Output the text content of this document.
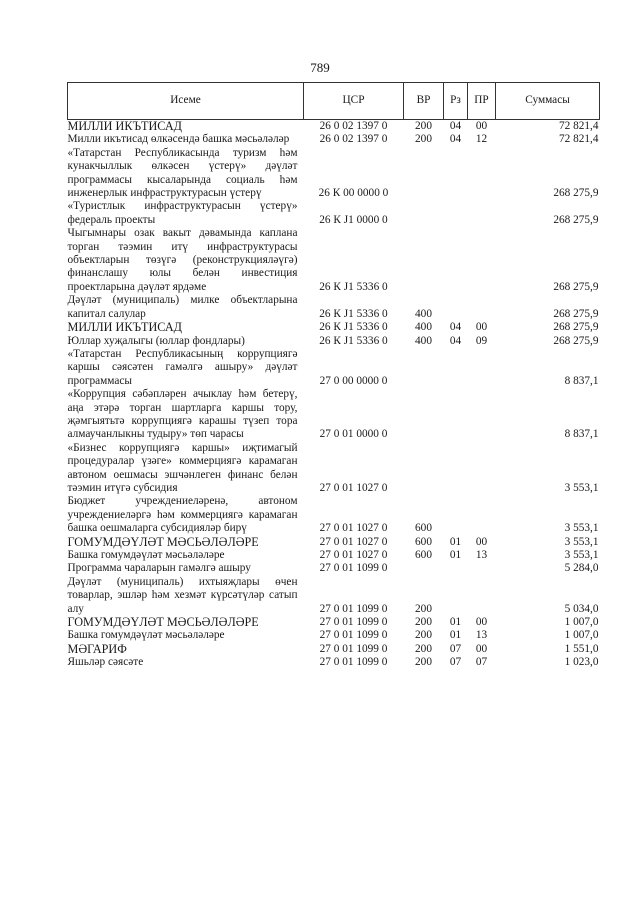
789
Исеме	ЦСР	ВР	Рз	ПР	Суммасы
МИЛЛИ ИКЪТИСАД	26 0 02 1397 0	200	04	00	72 821,4
Милли икътисад өлкәсендә башка мәсьәләләр	26 0 02 1397 0	200	04	12	72 821,4
«Татарстан Республикасында туризм һәм кунакчыллык өлкәсен үстерү» дәүләт программасы кысаларында социаль һәм инженерлык инфраструктурасын үстерү	26 К 00 0000 0				268 275,9
«Туристлык инфраструктурасын үстерү» федераль проекты	26 К J1 0000 0				268 275,9
Чыгымнары озак вакыт дәвамында каплана торган тәэмин итү инфраструктурасы объектларын төзүгә (реконструкцияләүгә) финанслашу юлы белән инвестиция проектларына дәүләт ярдәме	26 К J1 5336 0				268 275,9
Дәүләт (муниципаль) милке объектларына капитал салулар	26 К J1 5336 0	400			268 275,9
МИЛЛИ ИКЪТИСАД	26 К J1 5336 0	400	04	00	268 275,9
Юллар хуҗалыгы (юллар фондлары)	26 К J1 5336 0	400	04	09	268 275,9
«Татарстан Республикасының коррупциягә каршы сәясәтен гамәлгә ашыру» дәүләт программасы	27 0 00 0000 0				8 837,1
«Коррупция сәбәпләрен ачыклау һәм бетерү, аңа этәрә торган шартларга каршы тору, җәмгыятьтә коррупциягә карашы түзеп тора алмаучанлыкны тудыру» төп чарасы	27 0 01 0000 0				8 837,1
«Бизнес коррупциягә каршы» иҗтимагый процедуралар үзәге» коммерциягә карамаган автоном оешмасы эшчәнлеген финанс белән тәэмин итүгә субсидия	27 0 01 1027 0				3 553,1
Бюджет учреждениеләренә, автоном учреждениеләргә һәм коммерциягә карамаган башка оешмаларга субсидияләр бирү	27 0 01 1027 0	600			3 553,1
ГОМУМДӘҮЛӘТ МӘСЬӘЛӘЛӘРЕ	27 0 01 1027 0	600	01	00	3 553,1
Башка гомумдәүләт мәсьәләләре	27 0 01 1027 0	600	01	13	3 553,1
Программа чараларын гамәлгә ашыру	27 0 01 1099 0				5 284,0
Дәүләт (муниципаль) ихтыяҗлары өчен товарлар, эшләр һәм хезмәт күрсәтүләр сатып алу	27 0 01 1099 0	200			5 034,0
ГОМУМДӘҮЛӘТ МӘСЬӘЛӘЛӘРЕ	27 0 01 1099 0	200	01	00	1 007,0
Башка гомумдәүләт мәсьәләләре	27 0 01 1099 0	200	01	13	1 007,0
МӘГАРИФ	27 0 01 1099 0	200	07	00	1 551,0
Яшьләр сәясәте	27 0 01 1099 0	200	07	07	1 023,0
